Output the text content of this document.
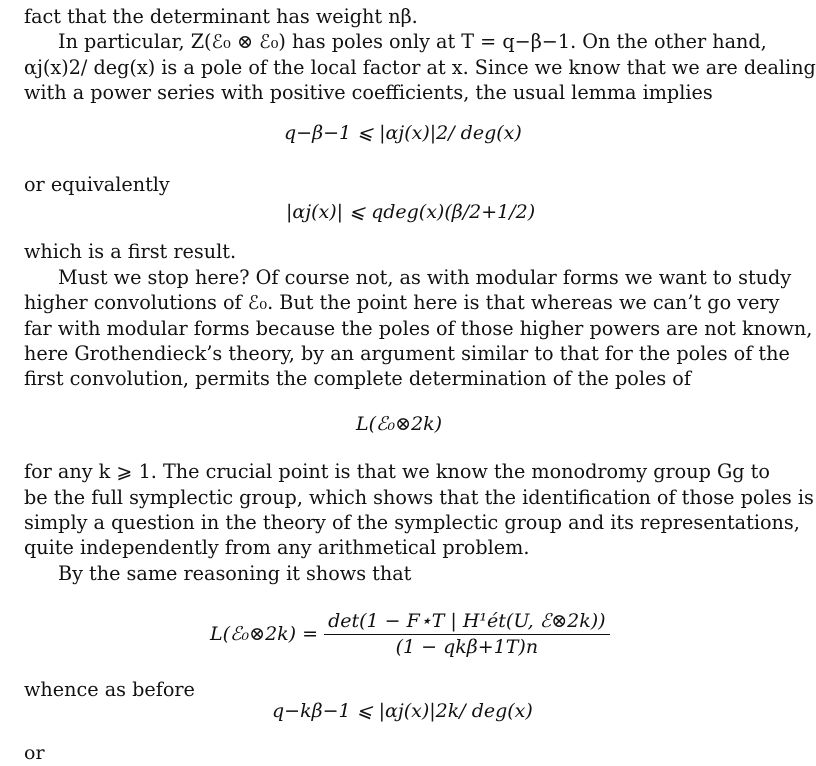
fact that the determinant has weight nβ.
In particular, Z(ℰ₀ ⊗ ℰ₀) has poles only at T = q−β−1. On the other hand,
αj(x)2/ deg(x) is a pole of the local factor at x. Since we know that we are dealing
with a power series with positive coefficients, the usual lemma implies
q−β−1 ⩽ |αj(x)|2/ deg(x)
or equivalently
|αj(x)| ⩽ qdeg(x)(β/2+1/2)
which is a first result.
Must we stop here? Of course not, as with modular forms we want to study
higher convolutions of ℰ₀. But the point here is that whereas we can’t go very
far with modular forms because the poles of those higher powers are not known,
here Grothendieck’s theory, by an argument similar to that for the poles of the
first convolution, permits the complete determination of the poles of
L(ℰ₀⊗2k)
for any k ⩾ 1. The crucial point is that we know the monodromy group Gg to
be the full symplectic group, which shows that the identification of those poles is
simply a question in the theory of the symplectic group and its representations,
quite independently from any arithmetical problem.
By the same reasoning it shows that
L(ℰ₀⊗2k) = $\frac{\text{det(1 − F⋆T | H¹ét(U, ℰ⊗2k))}}{\text{(1 − qkβ+1T)n}}$
whence as before
q−kβ−1 ⩽ |αj(x)|2k/ deg(x)
or
